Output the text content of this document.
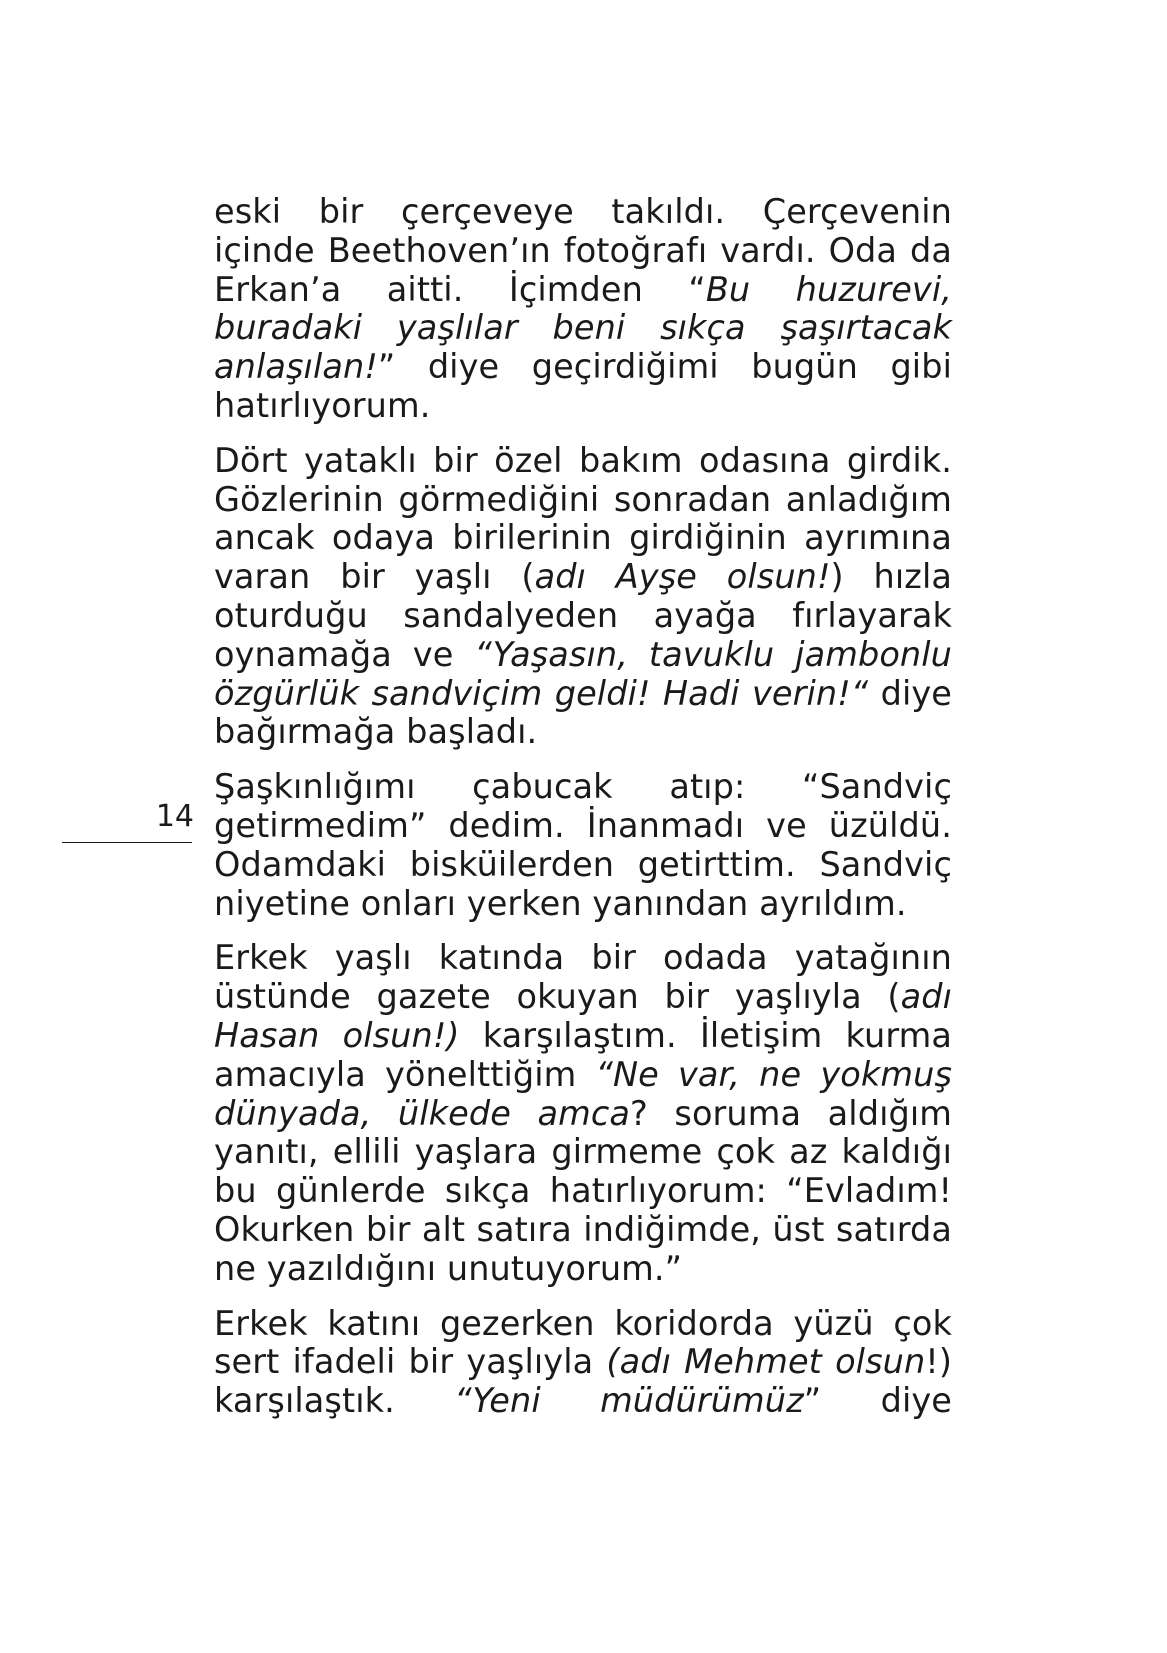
14

eski bir çerçeveye takıldı. Çerçevenin içinde Beethoven’ın fotoğrafı vardı. Oda da Erkan’a aitti. İçimden “Bu huzurevi, buradaki yaşlılar beni sıkça şaşırtacak anlaşılan!” diye geçirdiğimi bugün gibi hatırlıyorum.

Dört yataklı bir özel bakım odasına girdik. Gözlerinin görmediğini sonradan anladığım ancak odaya birilerinin girdiğinin ayrımına varan bir yaşlı (adı Ayşe olsun!) hızla oturduğu sandalyeden ayağa fırlayarak oynamağa ve “Yaşasın, tavuklu jambonlu özgürlük sandviçim geldi! Hadi verin!“ diye bağırmağa başladı.

Şaşkınlığımı çabucak atıp: “Sandviç getirmedim” dedim. İnanmadı ve üzüldü. Odamdaki bisküilerden getirttim. Sandviç niyetine onları yerken yanından ayrıldım.

Erkek yaşlı katında bir odada yatağının üstünde gazete okuyan bir yaşlıyla (adı Hasan olsun!) karşılaştım. İletişim kurma amacıyla yönelttiğim “Ne var, ne yokmuş dünyada, ülkede amca? soruma aldığım yanıtı, ellili yaşlara girmeme çok az kaldığı bu günlerde sıkça hatırlıyorum: “Evladım! Okurken bir alt satıra indiğimde, üst satırda ne yazıldığını unutuyorum.”

Erkek katını gezerken koridorda yüzü çok sert ifadeli bir yaşlıyla (adı Mehmet olsun!) karşılaştık. “Yeni müdürümüz” diye
